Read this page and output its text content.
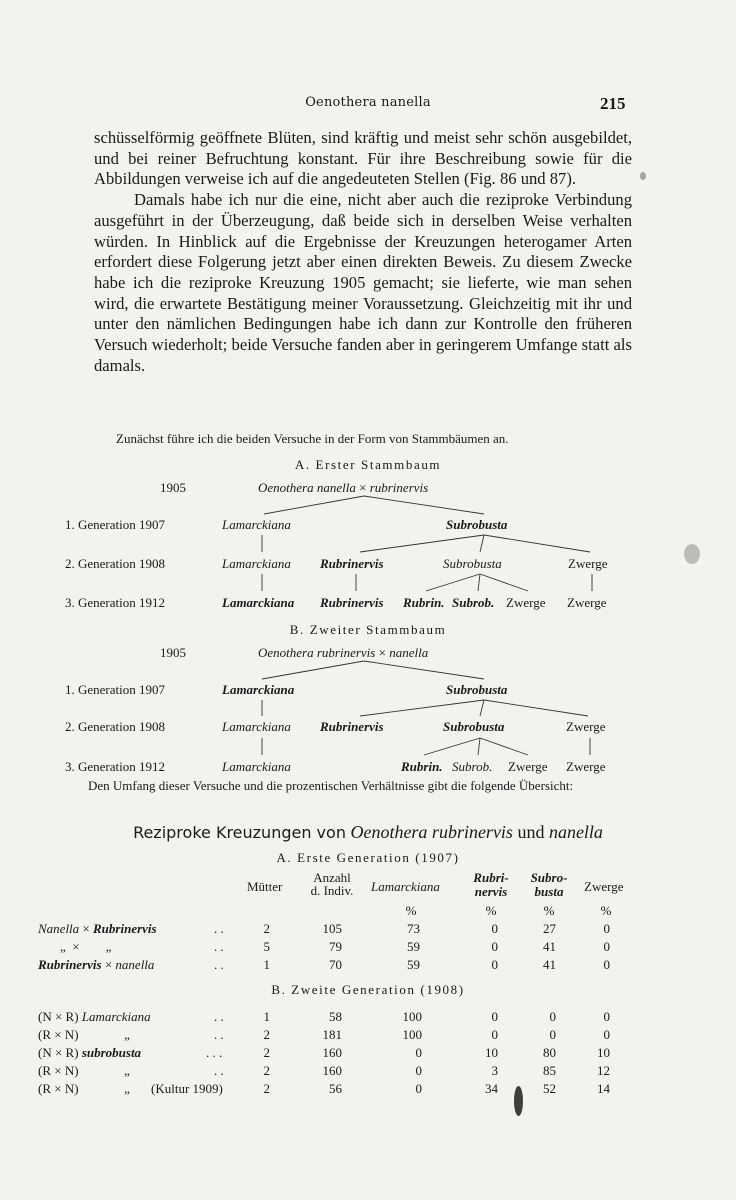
Oenothera nanella	215

schüsselförmig geöffnete Blüten, sind kräftig und meist sehr schön ausgebildet, und bei reiner Befruchtung konstant. Für ihre Beschreibung sowie für die Abbildungen verweise ich auf die angedeuteten Stellen (Fig. 86 und 87).

Damals habe ich nur die eine, nicht aber auch die reziproke Verbindung ausgeführt in der Überzeugung, daß beide sich in derselben Weise verhalten würden. In Hinblick auf die Ergebnisse der Kreuzungen heterogamer Arten erfordert diese Folgerung jetzt aber einen direkten Beweis. Zu diesem Zwecke habe ich die reziproke Kreuzung 1905 gemacht; sie lieferte, wie man sehen wird, die erwartete Bestätigung meiner Voraussetzung. Gleichzeitig mit ihr und unter den nämlichen Bedingungen habe ich dann zur Kontrolle den früheren Versuch wiederholt; beide Versuche fanden aber in geringerem Umfange statt als damals.

Zunächst führe ich die beiden Versuche in der Form von Stammbäumen an.
A. Erster Stammbaum
1905	Oenothera nanella × rubrinervis
1. Generation 1907	Lamarckiana	Subrobusta
2. Generation 1908	Lamarckiana Rubrinervis	Subrobusta	Zwerge
3. Generation 1912	Lamarckiana Rubrinervis Rubrin. Subrob. Zwerge Zwerge
B. Zweiter Stammbaum
1905	Oenothera rubrinervis × nanella
1. Generation 1907	Lamarckiana	Subrobusta
2. Generation 1908	Lamarckiana Rubrinervis	Subrobusta	Zwerge
3. Generation 1912	Lamarckiana	Rubrin. Subrob. Zwerge Zwerge
Den Umfang dieser Versuche und die prozentischen Verhältnisse gibt die folgende Übersicht:
Reziproke Kreuzungen von Oenothera rubrinervis und nanella
A. Erste Generation (1907)
Mütter
Anzahl
d. Indiv.	Lamarckiana
Rubri-
nervis
Subro-
busta	Zwerge
%	%	%	%
Nanella × Rubrinervis	. .	2	105	73	0	27	0
„ × „	. .	5	79	59	0	41	0
Rubrinervis × nanella	. .	1	70	59	0	41	0
B. Zweite Generation (1908)
(N × R) Lamarckiana	. .	1	58	100	0	0	0
(R × N)	„	. .	2	181	100	0	0	0
(N × R) subrobusta	. . .	2	160	0	10	80	10
(R × N)	„	. .	2	160	0	3	85	12
(R × N)	„ (Kultur 1909)	2	56	0	34	52	14
